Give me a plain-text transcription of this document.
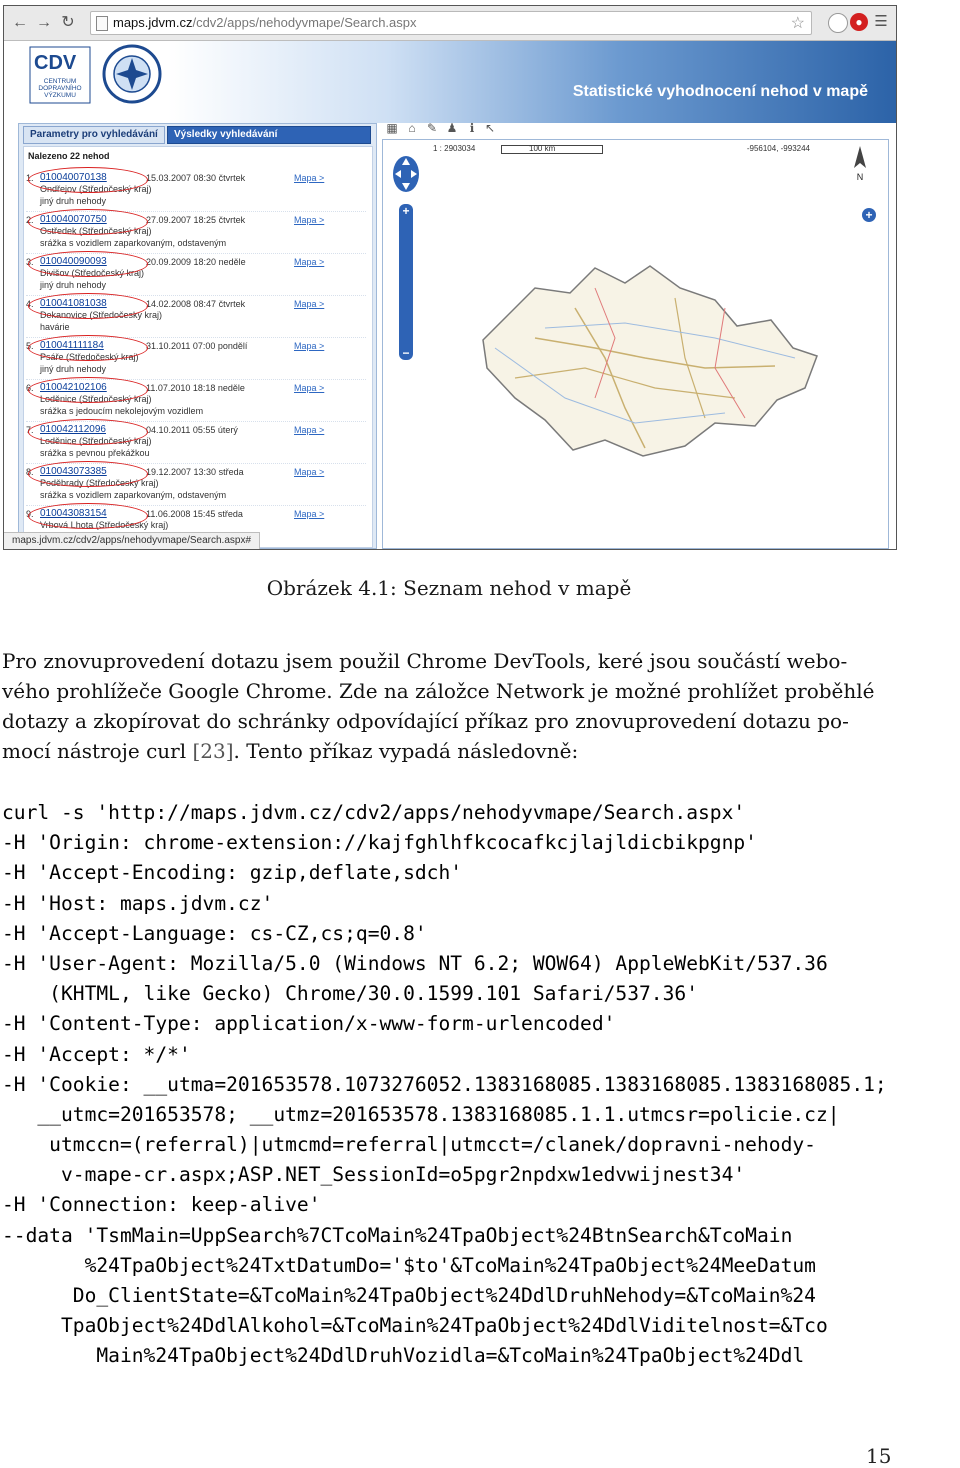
← → ↻	maps.jdvm.cz/cdv2/apps/nehodyvmape/Search.aspx	☆	● ☰
CDV
CENTRUM
DOPRAVNÍHO
VÝZKUMU	Statistické vyhodnocení nehod v mapě
Parametry pro vyhledávání	Výsledky vyhledávání
Nalezeno 22 nehod
1. 010040070138	15.03.2007 08:30 čtvrtek	Mapa >
Ondřejov (Středočeský kraj)
jiný druh nehody
2. 010040070750	27.09.2007 18:25 čtvrtek	Mapa >
Ostředek (Středočeský kraj)
srážka s vozidlem zaparkovaným, odstaveným
3. 010040090093	20.09.2009 18:20 neděle	Mapa >
Divišov (Středočeský kraj)
jiný druh nehody
4. 010041081038	14.02.2008 08:47 čtvrtek	Mapa >
Dekanovice (Středočeský kraj)
havárie
5. 010041111184	31.10.2011 07:00 pondělí	Mapa >
Psáře (Středočeský kraj)
jiný druh nehody
6. 010042102106	11.07.2010 18:18 neděle	Mapa >
Loděnice (Středočeský kraj)
srážka s jedoucím nekolejovým vozidlem
7. 010042112096	04.10.2011 05:55 úterý	Mapa >
Loděnice (Středočeský kraj)
srážka s pevnou překážkou
8. 010043073385	19.12.2007 13:30 středa	Mapa >
Poděbrady (Středočeský kraj)
srážka s vozidlem zaparkovaným, odstaveným
9. 010043083154	11.06.2008 15:45 středa	Mapa >
Vrbová Lhota (Středočeský kraj)
▦ ⌂ ✎ ♟	ℹ ↖
1 : 2903034	100 km	-956104, -993244
N
+
+
−
maps.jdvm.cz/cdv2/apps/nehodyvmape/Search.aspx#
Obrázek 4.1: Seznam nehod v mapě
Pro znovuprovedení dotazu jsem použil Chrome DevTools, keré jsou součástí webo-
vého prohlížeče Google Chrome. Zde na záložce Network je možné prohlížet proběhlé
dotazy a zkopírovat do schránky odpovídající příkaz pro znovuprovedení dotazu po-
mocí nástroje curl [23]. Tento příkaz vypadá následovně:
curl -s 'http://maps.jdvm.cz/cdv2/apps/nehodyvmape/Search.aspx'
-H 'Origin: chrome-extension://kajfghlhfkcocafkcjlajldicbikpgnp'
-H 'Accept-Encoding: gzip,deflate,sdch'
-H 'Host: maps.jdvm.cz'
-H 'Accept-Language: cs-CZ,cs;q=0.8'
-H 'User-Agent: Mozilla/5.0 (Windows NT 6.2; WOW64) AppleWebKit/537.36
(KHTML, like Gecko) Chrome/30.0.1599.101 Safari/537.36'
-H 'Content-Type: application/x-www-form-urlencoded'
-H 'Accept: */*'
-H 'Cookie: __utma=201653578.1073276052.1383168085.1383168085.1383168085.1;
__utmc=201653578; __utmz=201653578.1383168085.1.1.utmcsr=policie.cz|
utmccn=(referral)|utmcmd=referral|utmcct=/clanek/dopravni-nehody-
v-mape-cr.aspx;ASP.NET_SessionId=o5pgr2npdxw1edvwijnest34'
-H 'Connection: keep-alive'
--data 'TsmMain=UppSearch%7CTcoMain%24TpaObject%24BtnSearch&TcoMain
%24TpaObject%24TxtDatumDo='$to'&TcoMain%24TpaObject%24MeeDatum
Do_ClientState=&TcoMain%24TpaObject%24DdlDruhNehody=&TcoMain%24
TpaObject%24DdlAlkohol=&TcoMain%24TpaObject%24DdlViditelnost=&Tco
Main%24TpaObject%24DdlDruhVozidla=&TcoMain%24TpaObject%24Ddl
15
